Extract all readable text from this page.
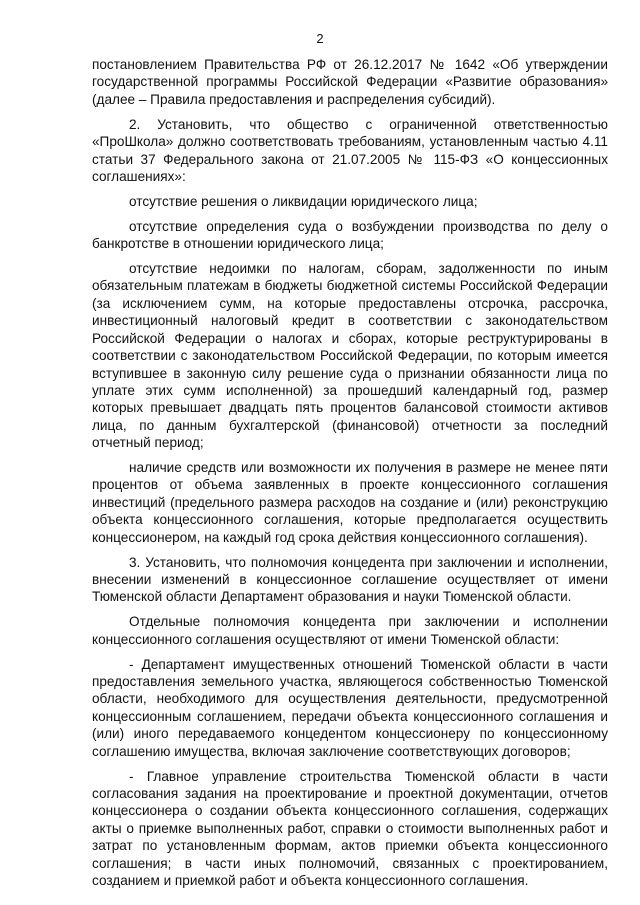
2

постановлением Правительства РФ от 26.12.2017 № 1642 «Об утверждении государственной программы Российской Федерации «Развитие образования» (далее – Правила предоставления и распределения субсидий).

2. Установить, что общество с ограниченной ответственностью «ПроШкола» должно соответствовать требованиям, установленным частью 4.11 статьи 37 Федерального закона от 21.07.2005 № 115-ФЗ «О концессионных соглашениях»:

отсутствие решения о ликвидации юридического лица;

отсутствие определения суда о возбуждении производства по делу о банкротстве в отношении юридического лица;

отсутствие недоимки по налогам, сборам, задолженности по иным обязательным платежам в бюджеты бюджетной системы Российской Федерации (за исключением сумм, на которые предоставлены отсрочка, рассрочка, инвестиционный налоговый кредит в соответствии с законодательством Российской Федерации о налогах и сборах, которые реструктурированы в соответствии с законодательством Российской Федерации, по которым имеется вступившее в законную силу решение суда о признании обязанности лица по уплате этих сумм исполненной) за прошедший календарный год, размер которых превышает двадцать пять процентов балансовой стоимости активов лица, по данным бухгалтерской (финансовой) отчетности за последний отчетный период;

наличие средств или возможности их получения в размере не менее пяти процентов от объема заявленных в проекте концессионного соглашения инвестиций (предельного размера расходов на создание и (или) реконструкцию объекта концессионного соглашения, которые предполагается осуществить концессионером, на каждый год срока действия концессионного соглашения).

3. Установить, что полномочия концедента при заключении и исполнении, внесении изменений в концессионное соглашение осуществляет от имени Тюменской области Департамент образования и науки Тюменской области.

Отдельные полномочия концедента при заключении и исполнении концессионного соглашения осуществляют от имени Тюменской области:

- Департамент имущественных отношений Тюменской области в части предоставления земельного участка, являющегося собственностью Тюменской области, необходимого для осуществления деятельности, предусмотренной концессионным соглашением, передачи объекта концессионного соглашения и (или) иного передаваемого концедентом концессионеру по концессионному соглашению имущества, включая заключение соответствующих договоров;

- Главное управление строительства Тюменской области в части согласования задания на проектирование и проектной документации, отчетов концессионера о создании объекта концессионного соглашения, содержащих акты о приемке выполненных работ, справки о стоимости выполненных работ и затрат по установленным формам, актов приемки объекта концессионного соглашения; в части иных полномочий, связанных с проектированием, созданием и приемкой работ и объекта концессионного соглашения.
